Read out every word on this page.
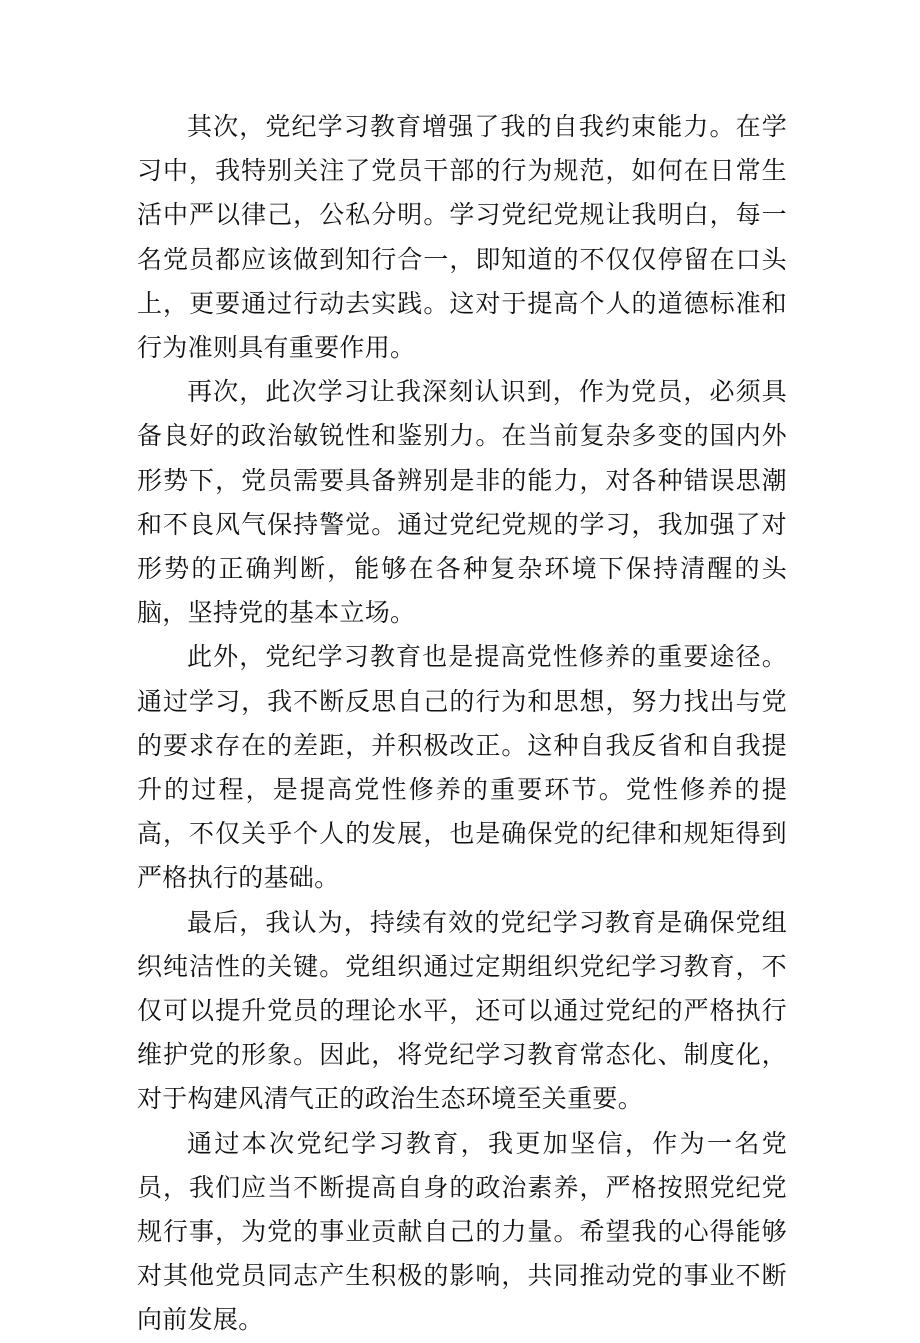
其次，党纪学习教育增强了我的自我约束能力。在学习中，我特别关注了党员干部的行为规范，如何在日常生活中严以律己，公私分明。学习党纪党规让我明白，每一名党员都应该做到知行合一，即知道的不仅仅停留在口头上，更要通过行动去实践。这对于提高个人的道德标准和行为准则具有重要作用。

再次，此次学习让我深刻认识到，作为党员，必须具备良好的政治敏锐性和鉴别力。在当前复杂多变的国内外形势下，党员需要具备辨别是非的能力，对各种错误思潮和不良风气保持警觉。通过党纪党规的学习，我加强了对形势的正确判断，能够在各种复杂环境下保持清醒的头脑，坚持党的基本立场。

此外，党纪学习教育也是提高党性修养的重要途径。通过学习，我不断反思自己的行为和思想，努力找出与党的要求存在的差距，并积极改正。这种自我反省和自我提升的过程，是提高党性修养的重要环节。党性修养的提高，不仅关乎个人的发展，也是确保党的纪律和规矩得到严格执行的基础。

最后，我认为，持续有效的党纪学习教育是确保党组织纯洁性的关键。党组织通过定期组织党纪学习教育，不仅可以提升党员的理论水平，还可以通过党纪的严格执行维护党的形象。因此，将党纪学习教育常态化、制度化，对于构建风清气正的政治生态环境至关重要。

通过本次党纪学习教育，我更加坚信，作为一名党员，我们应当不断提高自身的政治素养，严格按照党纪党规行事，为党的事业贡献自己的力量。希望我的心得能够对其他党员同志产生积极的影响，共同推动党的事业不断向前发展。
